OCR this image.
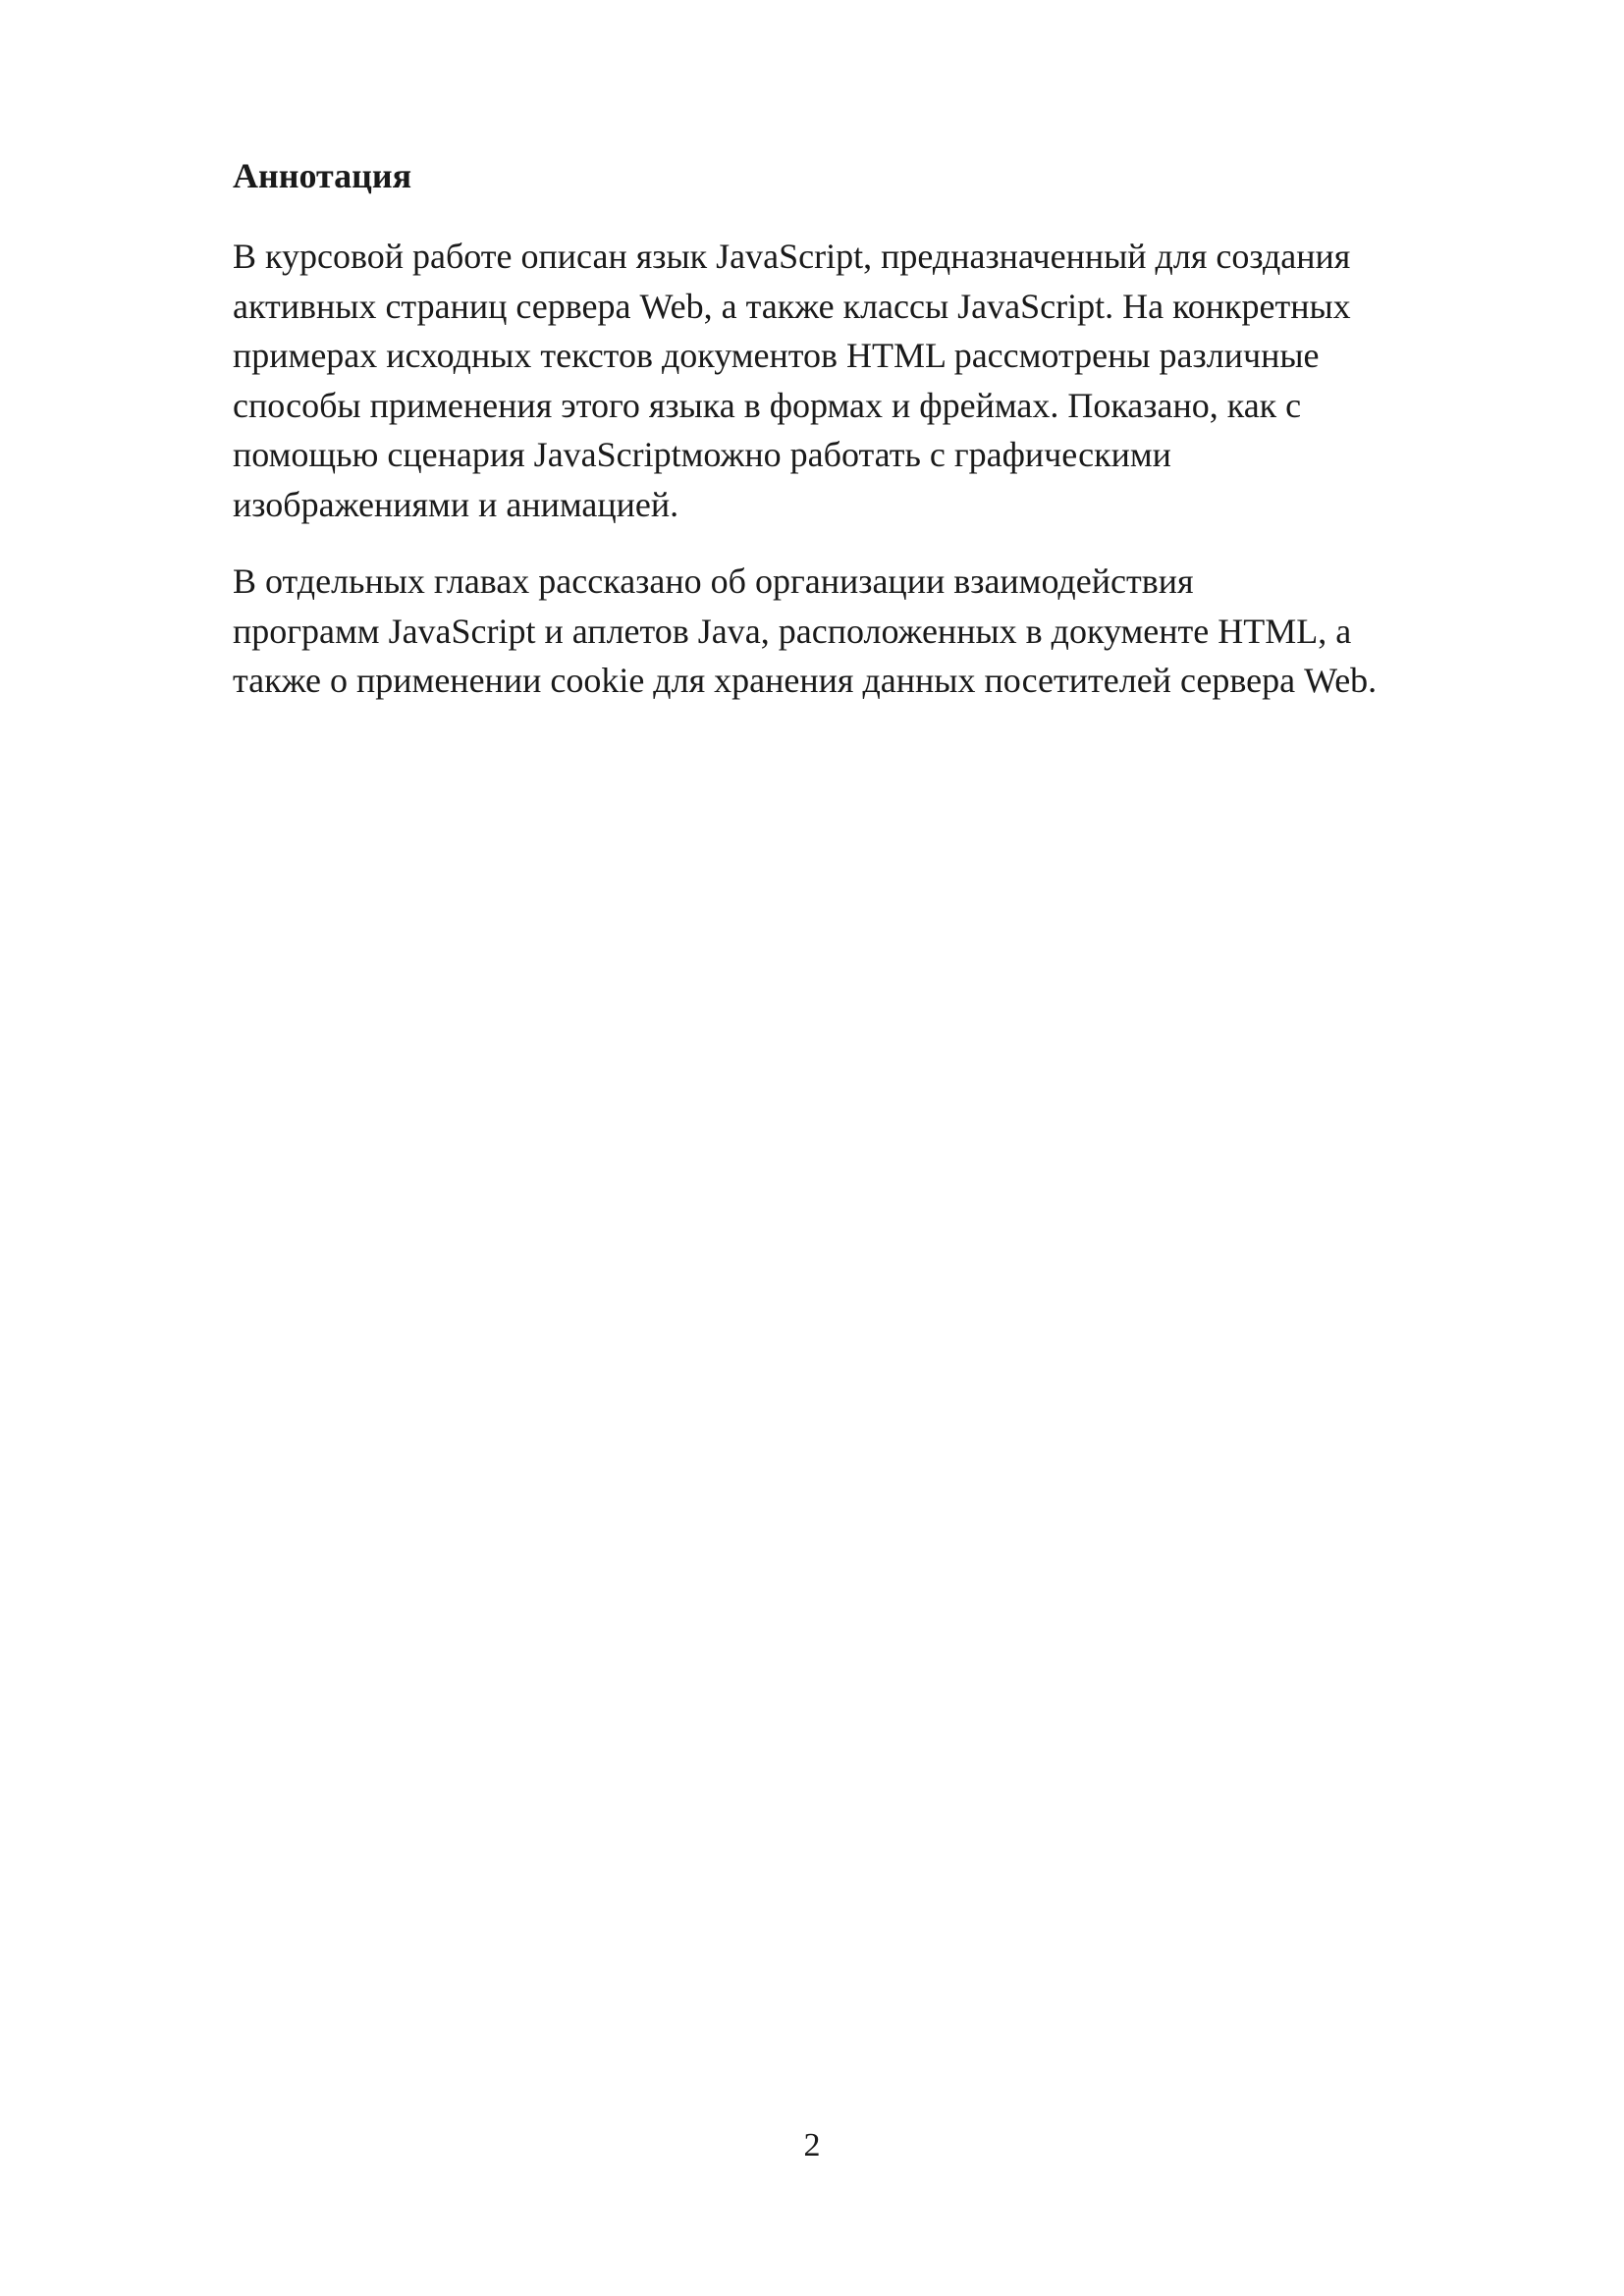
Аннотация

В курсовой работе описан язык JavaScript, предназначенный для создания
активных страниц сервера Web, а также классы JavaScript. На конкретных
примерах исходных текстов документов HTML рассмотрены различные
способы применения этого языка в формах и фреймах. Показано, как с
помощью сценария JavaScriptможно работать с графическими
изображениями и анимацией.

В отдельных главах рассказано об организации взаимодействия
программ JavaScript и аплетов Java, расположенных в документе HTML, а
также о применении cookie для хранения данных посетителей сервера Web.

2
